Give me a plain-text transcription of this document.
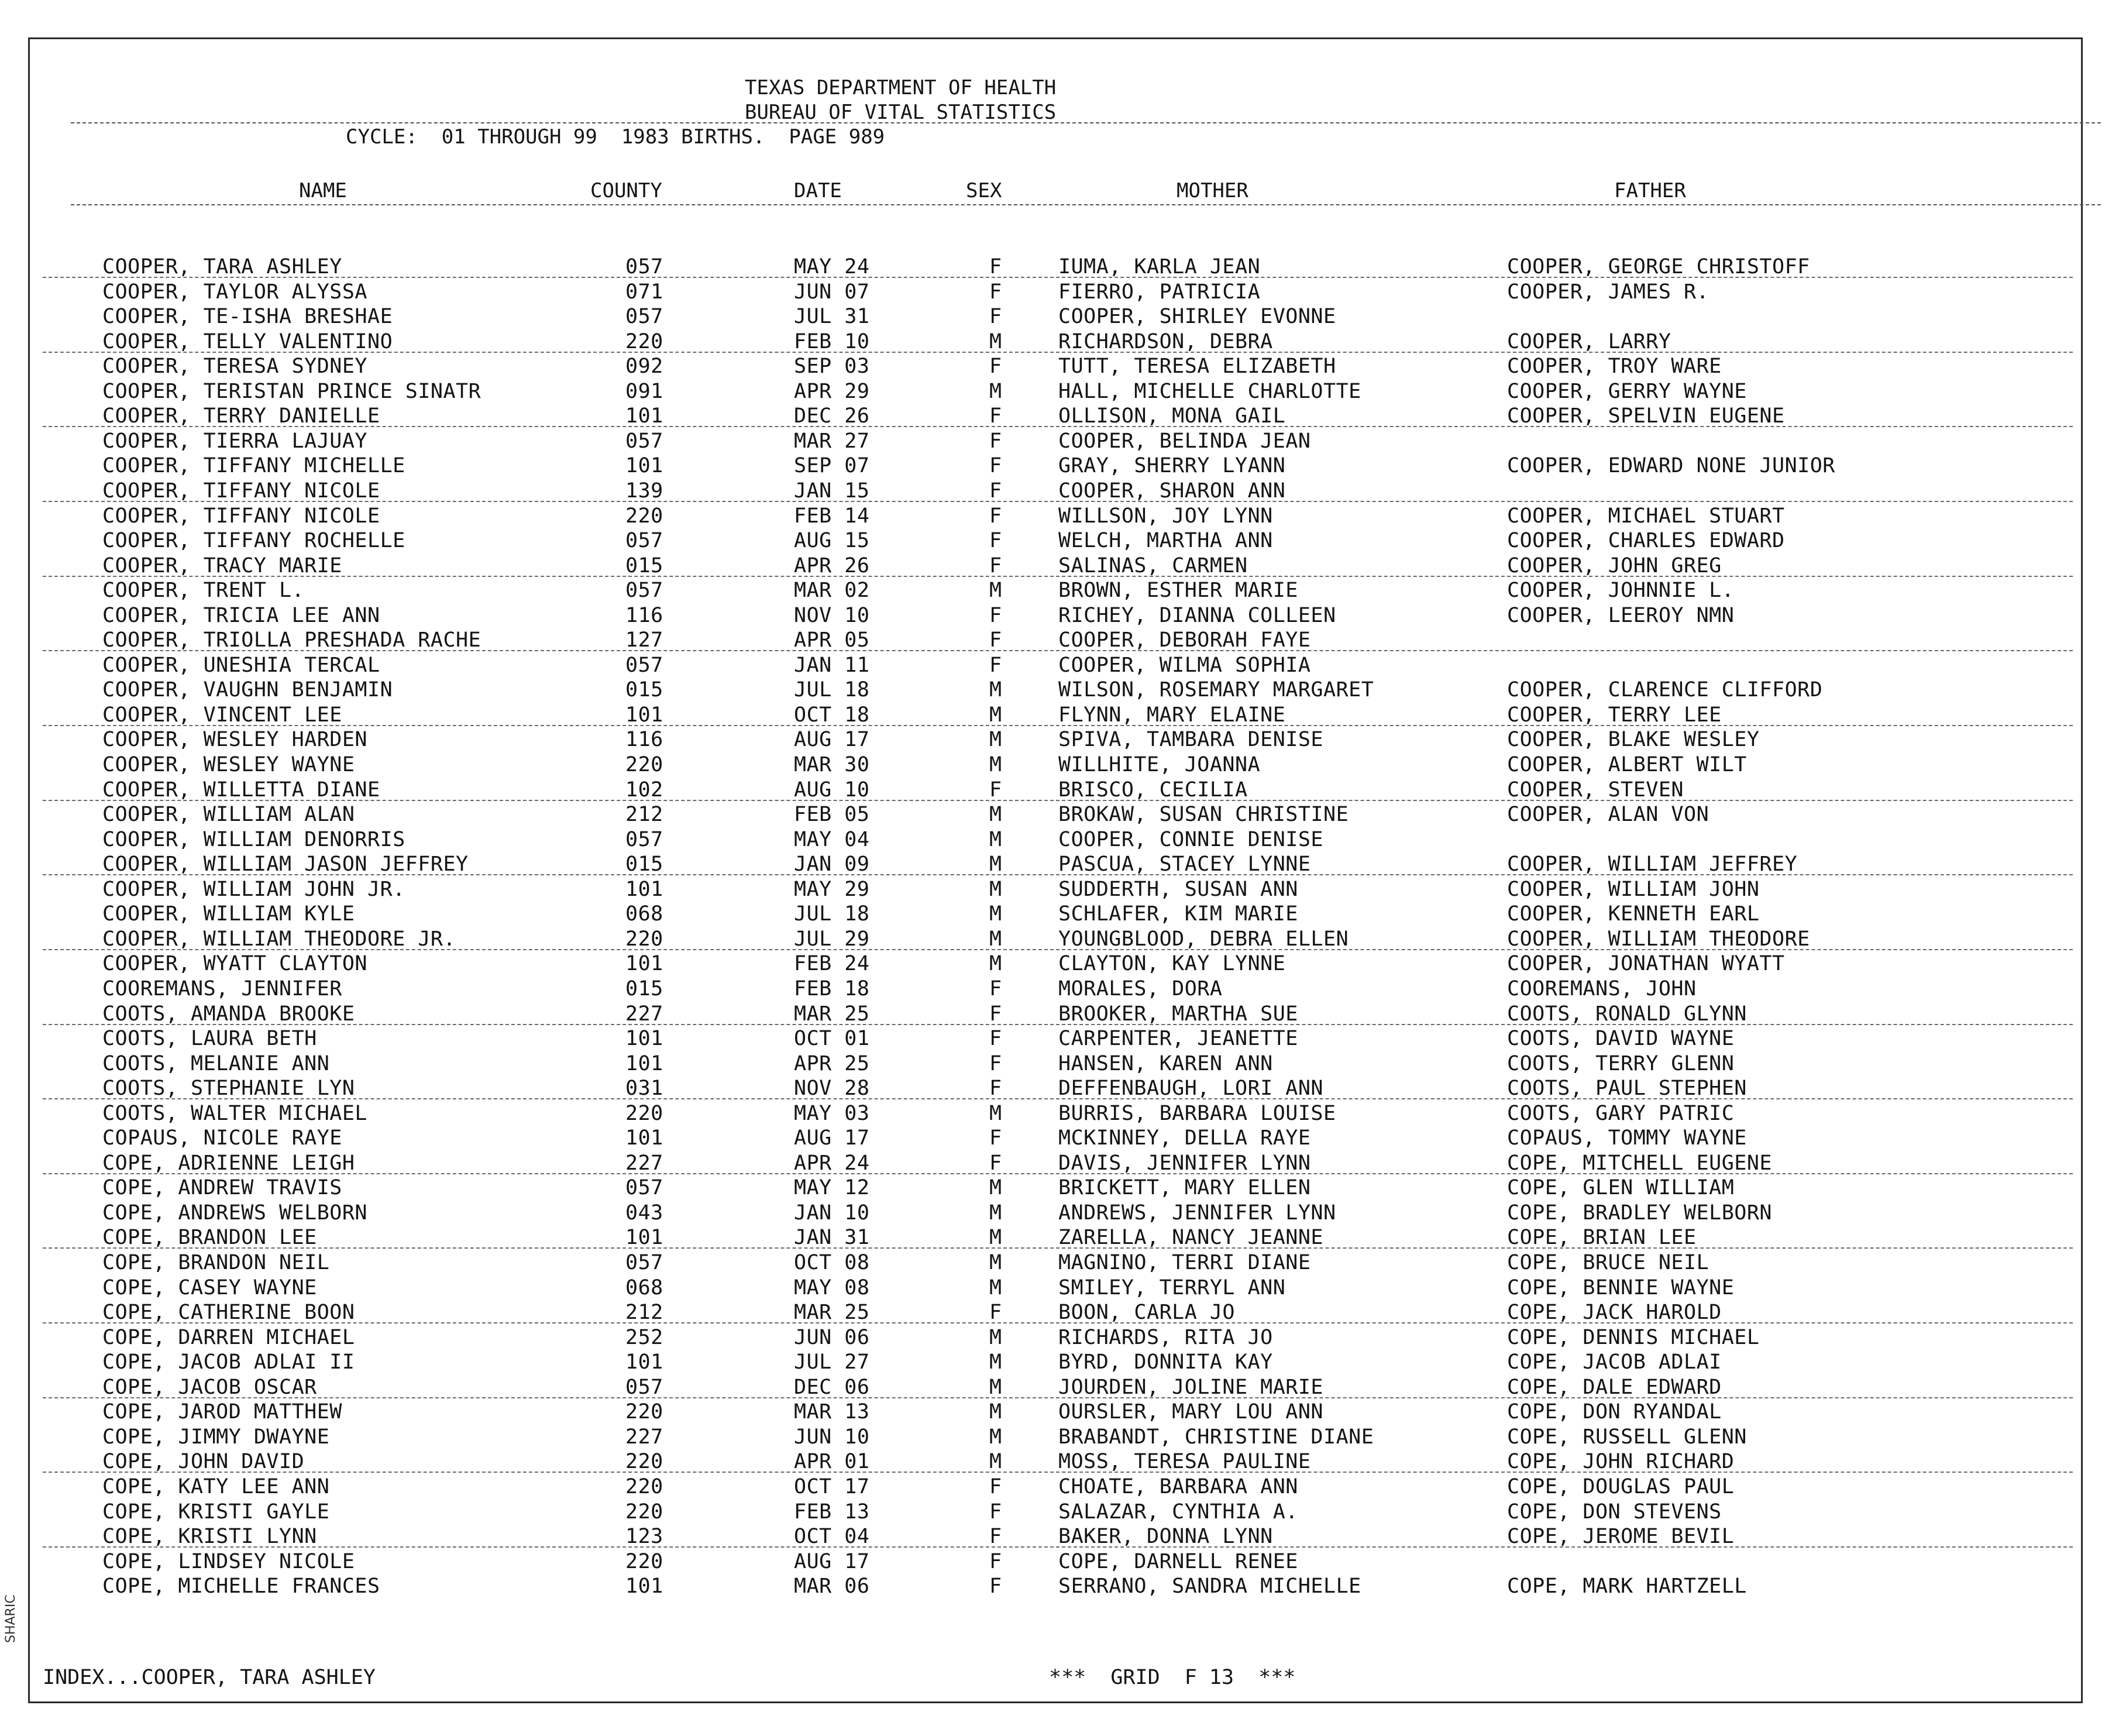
SHARIC
TEXAS DEPARTMENT OF HEALTH
BUREAU OF VITAL STATISTICS
CYCLE:  01 THROUGH 99  1983 BIRTHS.  PAGE 989
NAME	COUNTY	DATE	SEX	MOTHER	FATHER
COOPER, TARA ASHLEY	057	MAY 24	F	IUMA, KARLA JEAN	COOPER, GEORGE CHRISTOFF
COOPER, TAYLOR ALYSSA	071	JUN 07	F	FIERRO, PATRICIA	COOPER, JAMES R.
COOPER, TE-ISHA BRESHAE	057	JUL 31	F	COOPER, SHIRLEY EVONNE
COOPER, TELLY VALENTINO	220	FEB 10	M	RICHARDSON, DEBRA	COOPER, LARRY
COOPER, TERESA SYDNEY	092	SEP 03	F	TUTT, TERESA ELIZABETH	COOPER, TROY WARE
COOPER, TERISTAN PRINCE SINATR	091	APR 29	M	HALL, MICHELLE CHARLOTTE	COOPER, GERRY WAYNE
COOPER, TERRY DANIELLE	101	DEC 26	F	OLLISON, MONA GAIL	COOPER, SPELVIN EUGENE
COOPER, TIERRA LAJUAY	057	MAR 27	F	COOPER, BELINDA JEAN
COOPER, TIFFANY MICHELLE	101	SEP 07	F	GRAY, SHERRY LYANN	COOPER, EDWARD NONE JUNIOR
COOPER, TIFFANY NICOLE	139	JAN 15	F	COOPER, SHARON ANN
COOPER, TIFFANY NICOLE	220	FEB 14	F	WILLSON, JOY LYNN	COOPER, MICHAEL STUART
COOPER, TIFFANY ROCHELLE	057	AUG 15	F	WELCH, MARTHA ANN	COOPER, CHARLES EDWARD
COOPER, TRACY MARIE	015	APR 26	F	SALINAS, CARMEN	COOPER, JOHN GREG
COOPER, TRENT L.	057	MAR 02	M	BROWN, ESTHER MARIE	COOPER, JOHNNIE L.
COOPER, TRICIA LEE ANN	116	NOV 10	F	RICHEY, DIANNA COLLEEN	COOPER, LEEROY NMN
COOPER, TRIOLLA PRESHADA RACHE	127	APR 05	F	COOPER, DEBORAH FAYE
COOPER, UNESHIA TERCAL	057	JAN 11	F	COOPER, WILMA SOPHIA
COOPER, VAUGHN BENJAMIN	015	JUL 18	M	WILSON, ROSEMARY MARGARET	COOPER, CLARENCE CLIFFORD
COOPER, VINCENT LEE	101	OCT 18	M	FLYNN, MARY ELAINE	COOPER, TERRY LEE
COOPER, WESLEY HARDEN	116	AUG 17	M	SPIVA, TAMBARA DENISE	COOPER, BLAKE WESLEY
COOPER, WESLEY WAYNE	220	MAR 30	M	WILLHITE, JOANNA	COOPER, ALBERT WILT
COOPER, WILLETTA DIANE	102	AUG 10	F	BRISCO, CECILIA	COOPER, STEVEN
COOPER, WILLIAM ALAN	212	FEB 05	M	BROKAW, SUSAN CHRISTINE	COOPER, ALAN VON
COOPER, WILLIAM DENORRIS	057	MAY 04	M	COOPER, CONNIE DENISE
COOPER, WILLIAM JASON JEFFREY	015	JAN 09	M	PASCUA, STACEY LYNNE	COOPER, WILLIAM JEFFREY
COOPER, WILLIAM JOHN JR.	101	MAY 29	M	SUDDERTH, SUSAN ANN	COOPER, WILLIAM JOHN
COOPER, WILLIAM KYLE	068	JUL 18	M	SCHLAFER, KIM MARIE	COOPER, KENNETH EARL
COOPER, WILLIAM THEODORE JR.	220	JUL 29	M	YOUNGBLOOD, DEBRA ELLEN	COOPER, WILLIAM THEODORE
COOPER, WYATT CLAYTON	101	FEB 24	M	CLAYTON, KAY LYNNE	COOPER, JONATHAN WYATT
COOREMANS, JENNIFER	015	FEB 18	F	MORALES, DORA	COOREMANS, JOHN
COOTS, AMANDA BROOKE	227	MAR 25	F	BROOKER, MARTHA SUE	COOTS, RONALD GLYNN
COOTS, LAURA BETH	101	OCT 01	F	CARPENTER, JEANETTE	COOTS, DAVID WAYNE
COOTS, MELANIE ANN	101	APR 25	F	HANSEN, KAREN ANN	COOTS, TERRY GLENN
COOTS, STEPHANIE LYN	031	NOV 28	F	DEFFENBAUGH, LORI ANN	COOTS, PAUL STEPHEN
COOTS, WALTER MICHAEL	220	MAY 03	M	BURRIS, BARBARA LOUISE	COOTS, GARY PATRIC
COPAUS, NICOLE RAYE	101	AUG 17	F	MCKINNEY, DELLA RAYE	COPAUS, TOMMY WAYNE
COPE, ADRIENNE LEIGH	227	APR 24	F	DAVIS, JENNIFER LYNN	COPE, MITCHELL EUGENE
COPE, ANDREW TRAVIS	057	MAY 12	M	BRICKETT, MARY ELLEN	COPE, GLEN WILLIAM
COPE, ANDREWS WELBORN	043	JAN 10	M	ANDREWS, JENNIFER LYNN	COPE, BRADLEY WELBORN
COPE, BRANDON LEE	101	JAN 31	M	ZARELLA, NANCY JEANNE	COPE, BRIAN LEE
COPE, BRANDON NEIL	057	OCT 08	M	MAGNINO, TERRI DIANE	COPE, BRUCE NEIL
COPE, CASEY WAYNE	068	MAY 08	M	SMILEY, TERRYL ANN	COPE, BENNIE WAYNE
COPE, CATHERINE BOON	212	MAR 25	F	BOON, CARLA JO	COPE, JACK HAROLD
COPE, DARREN MICHAEL	252	JUN 06	M	RICHARDS, RITA JO	COPE, DENNIS MICHAEL
COPE, JACOB ADLAI II	101	JUL 27	M	BYRD, DONNITA KAY	COPE, JACOB ADLAI
COPE, JACOB OSCAR	057	DEC 06	M	JOURDEN, JOLINE MARIE	COPE, DALE EDWARD
COPE, JAROD MATTHEW	220	MAR 13	M	OURSLER, MARY LOU ANN	COPE, DON RYANDAL
COPE, JIMMY DWAYNE	227	JUN 10	M	BRABANDT, CHRISTINE DIANE	COPE, RUSSELL GLENN
COPE, JOHN DAVID	220	APR 01	M	MOSS, TERESA PAULINE	COPE, JOHN RICHARD
COPE, KATY LEE ANN	220	OCT 17	F	CHOATE, BARBARA ANN	COPE, DOUGLAS PAUL
COPE, KRISTI GAYLE	220	FEB 13	F	SALAZAR, CYNTHIA A.	COPE, DON STEVENS
COPE, KRISTI LYNN	123	OCT 04	F	BAKER, DONNA LYNN	COPE, JEROME BEVIL
COPE, LINDSEY NICOLE	220	AUG 17	F	COPE, DARNELL RENEE
COPE, MICHELLE FRANCES	101	MAR 06	F	SERRANO, SANDRA MICHELLE	COPE, MARK HARTZELL
INDEX...COOPER, TARA ASHLEY	***  GRID  F 13  ***
